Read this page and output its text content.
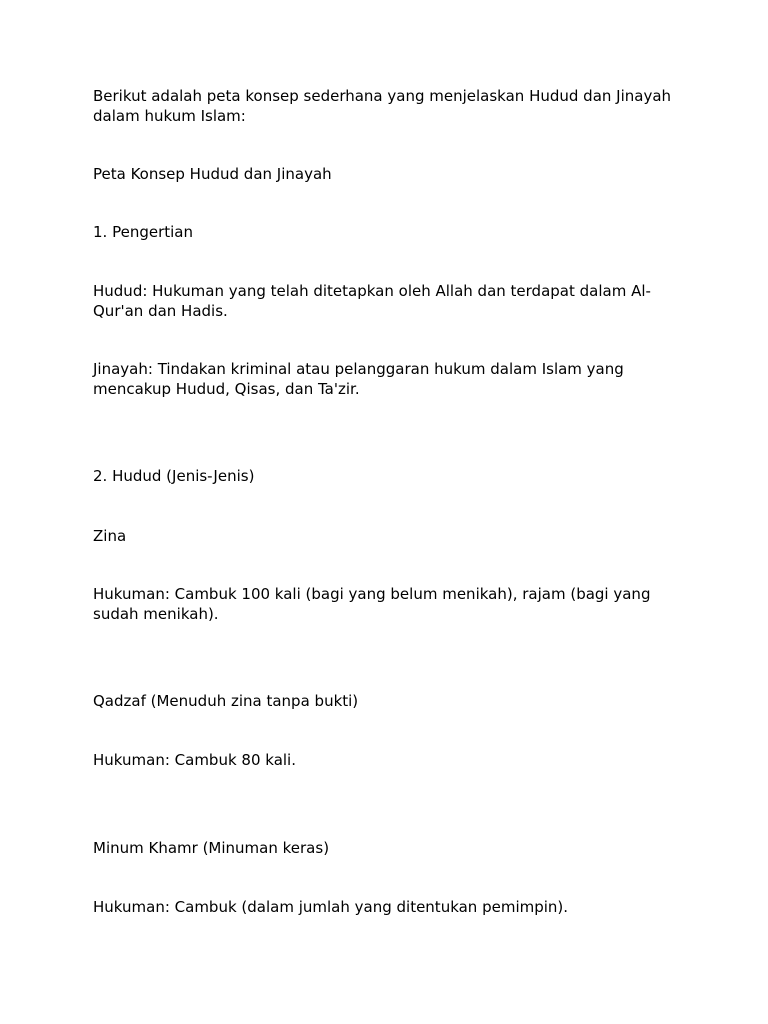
Berikut adalah peta konsep sederhana yang menjelaskan Hudud dan Jinayah dalam hukum Islam:

Peta Konsep Hudud dan Jinayah

1. Pengertian

Hudud: Hukuman yang telah ditetapkan oleh Allah dan terdapat dalam Al-Qur'an dan Hadis.

Jinayah: Tindakan kriminal atau pelanggaran hukum dalam Islam yang mencakup Hudud, Qisas, dan Ta'zir.

2. Hudud (Jenis-Jenis)

Zina

Hukuman: Cambuk 100 kali (bagi yang belum menikah), rajam (bagi yang sudah menikah).

Qadzaf (Menuduh zina tanpa bukti)

Hukuman: Cambuk 80 kali.

Minum Khamr (Minuman keras)

Hukuman: Cambuk (dalam jumlah yang ditentukan pemimpin).
